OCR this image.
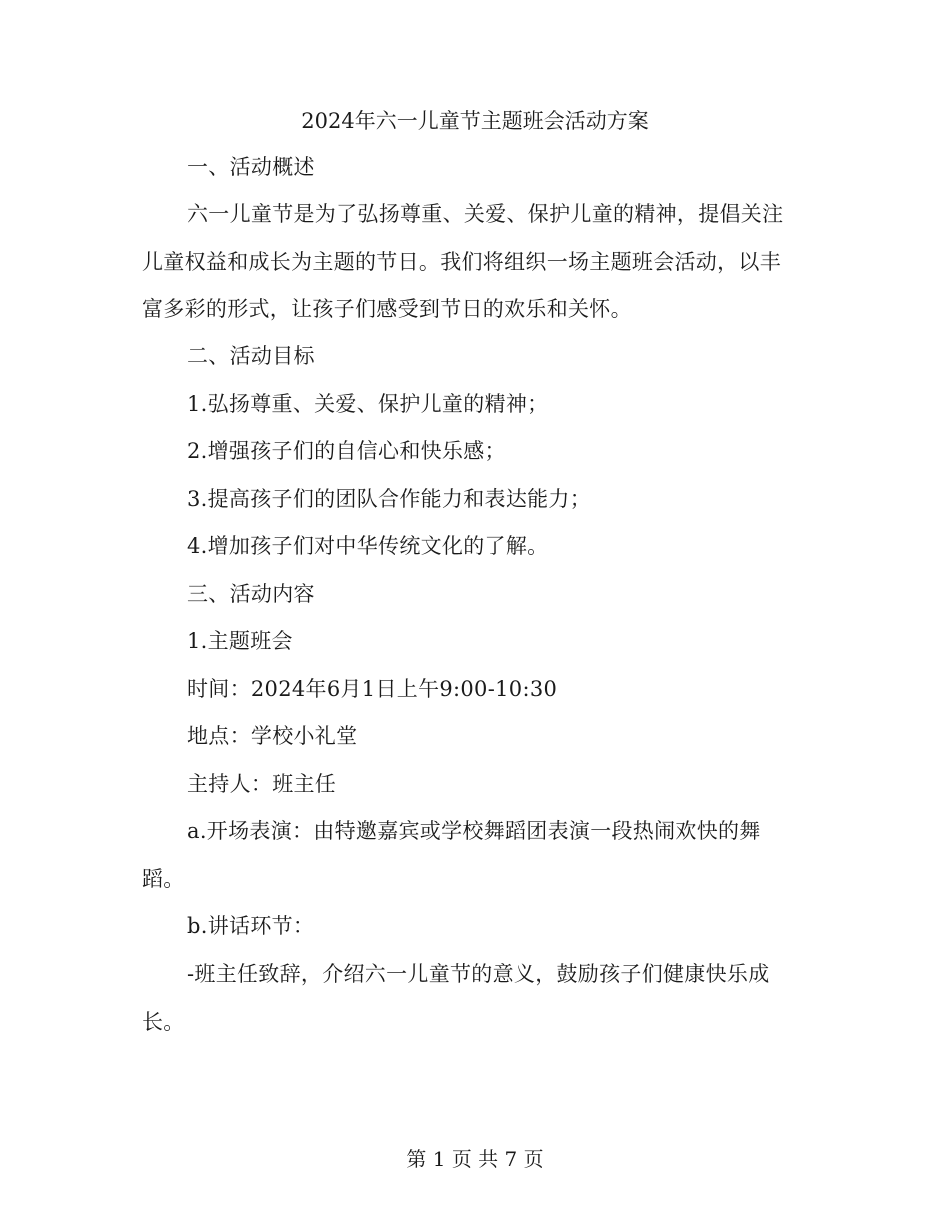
2024年六一儿童节主题班会活动方案
一、活动概述
六一儿童节是为了弘扬尊重、关爱、保护儿童的精神，提倡关注儿童权益和成长为主题的节日。我们将组织一场主题班会活动，以丰富多彩的形式，让孩子们感受到节日的欢乐和关怀。
二、活动目标
1.弘扬尊重、关爱、保护儿童的精神；
2.增强孩子们的自信心和快乐感；
3.提高孩子们的团队合作能力和表达能力；
4.增加孩子们对中华传统文化的了解。
三、活动内容
1.主题班会
时间：2024年6月1日上午9:00-10:30
地点：学校小礼堂
主持人：班主任
a.开场表演：由特邀嘉宾或学校舞蹈团表演一段热闹欢快的舞蹈。
b.讲话环节：
-班主任致辞，介绍六一儿童节的意义，鼓励孩子们健康快乐成长。
第 1 页 共 7 页
